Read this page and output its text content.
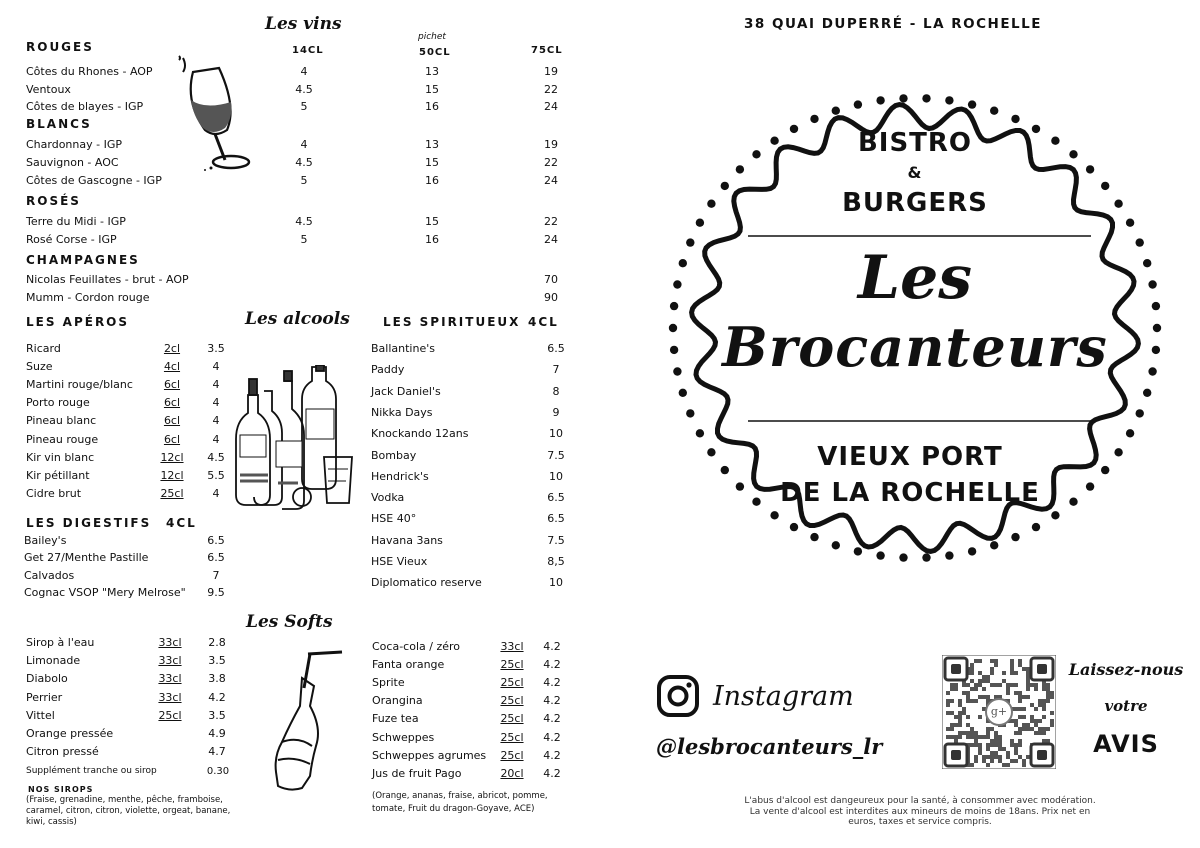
Les vins
14CL
pichet
50CL	75CL
ROUGES
Côtes du Rhones - AOP	4	13	19
Ventoux	4.5	15	22
Côtes de blayes - IGP	5	16	24
BLANCS
Chardonnay - IGP	4	13	19
Sauvignon - AOC	4.5	15	22
Côtes de Gascogne - IGP	5	16	24
ROSÉS
Terre du Midi - IGP	4.5	15	22
Rosé Corse - IGP	5	16	24
CHAMPAGNES
Nicolas Feuillates - brut - AOP	70
Mumm - Cordon rouge	90
Les alcools
LES APÉROS
Ricard	2cl	3.5
Suze	4cl	4
Martini rouge/blanc	6cl	4
Porto rouge	6cl	4
Pineau blanc	6cl	4
Pineau rouge	6cl	4
Kir vin blanc	12cl	4.5
Kir pétillant	12cl	5.5
Cidre brut	25cl	4
LES DIGESTIFS 4CL
Bailey's	6.5
Get 27/Menthe Pastille	6.5
Calvados	7
Cognac VSOP "Mery Melrose"	9.5
LES SPIRITUEUX 4CL
Ballantine's	6.5
Paddy	7
Jack Daniel's	8
Nikka Days	9
Knockando 12ans	10
Bombay	7.5
Hendrick's	10
Vodka	6.5
HSE 40°	6.5
Havana 3ans	7.5
HSE Vieux	8,5
Diplomatico reserve	10
Les Softs
Sirop à l'eau	33cl	2.8
Limonade	33cl	3.5
Diabolo	33cl	3.8
Perrier	33cl	4.2
Vittel	25cl	3.5
Orange pressée	4.9
Citron pressé	4.7
Supplément tranche ou sirop	0.30
NOS SIROPS
(Fraise, grenadine, menthe, pêche, framboise, caramel, citron, citron, violette, orgeat, banane, kiwi, cassis)
Coca-cola / zéro	33cl	4.2
Fanta orange	25cl	4.2
Sprite	25cl	4.2
Orangina	25cl	4.2
Fuze tea	25cl	4.2
Schweppes	25cl	4.2
Schweppes agrumes	25cl	4.2
Jus de fruit Pago	20cl	4.2
(Orange, ananas, fraise, abricot, pomme, tomate, Fruit du dragon-Goyave, ACE)
38 QUAI DUPERRÉ - LA ROCHELLE
BISTRO
&
BURGERS
Les
Brocanteurs
VIEUX PORT
DE LA ROCHELLE
Instagram
@lesbrocanteurs_lr
g+
Laissez-nous
votre
AVIS
L'abus d'alcool est dangeureux pour la santé, à consommer avec modération.
La vente d'alcool est interdites aux mineurs de moins de 18ans. Prix net en
euros, taxes et service compris.
